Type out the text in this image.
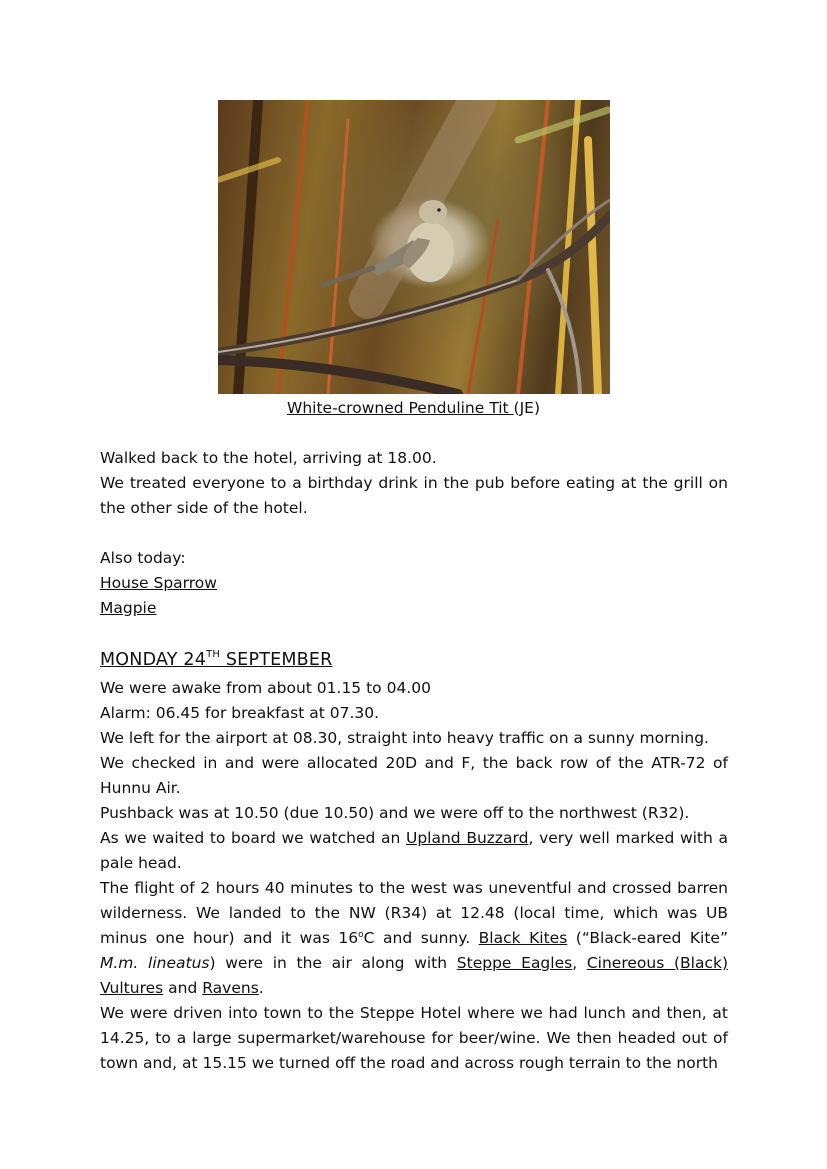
White-crowned Penduline Tit (JE)

Walked back to the hotel, arriving at 18.00.

We treated everyone to a birthday drink in the pub before eating at the grill on the other side of the hotel.

Also today:

House Sparrow

Magpie

MONDAY 24TH SEPTEMBER

We were awake from about 01.15 to 04.00

Alarm: 06.45 for breakfast at 07.30.

We left for the airport at 08.30, straight into heavy traffic on a sunny morning.

We checked in and were allocated 20D and F, the back row of the ATR-72 of Hunnu Air.

Pushback was at 10.50 (due 10.50) and we were off to the northwest (R32).

As we waited to board we watched an Upland Buzzard, very well marked with a pale head.

The flight of 2 hours 40 minutes to the west was uneventful and crossed barren wilderness. We landed to the NW (R34) at 12.48 (local time, which was UB minus one hour) and it was 16$^o$C and sunny. Black Kites (“Black-eared Kite” M.m. lineatus) were in the air along with Steppe Eagles, Cinereous (Black) Vultures and Ravens.

We were driven into town to the Steppe Hotel where we had lunch and then, at 14.25, to a large supermarket/warehouse for beer/wine. We then headed out of town and, at 15.15 we turned off the road and across rough terrain to the north
